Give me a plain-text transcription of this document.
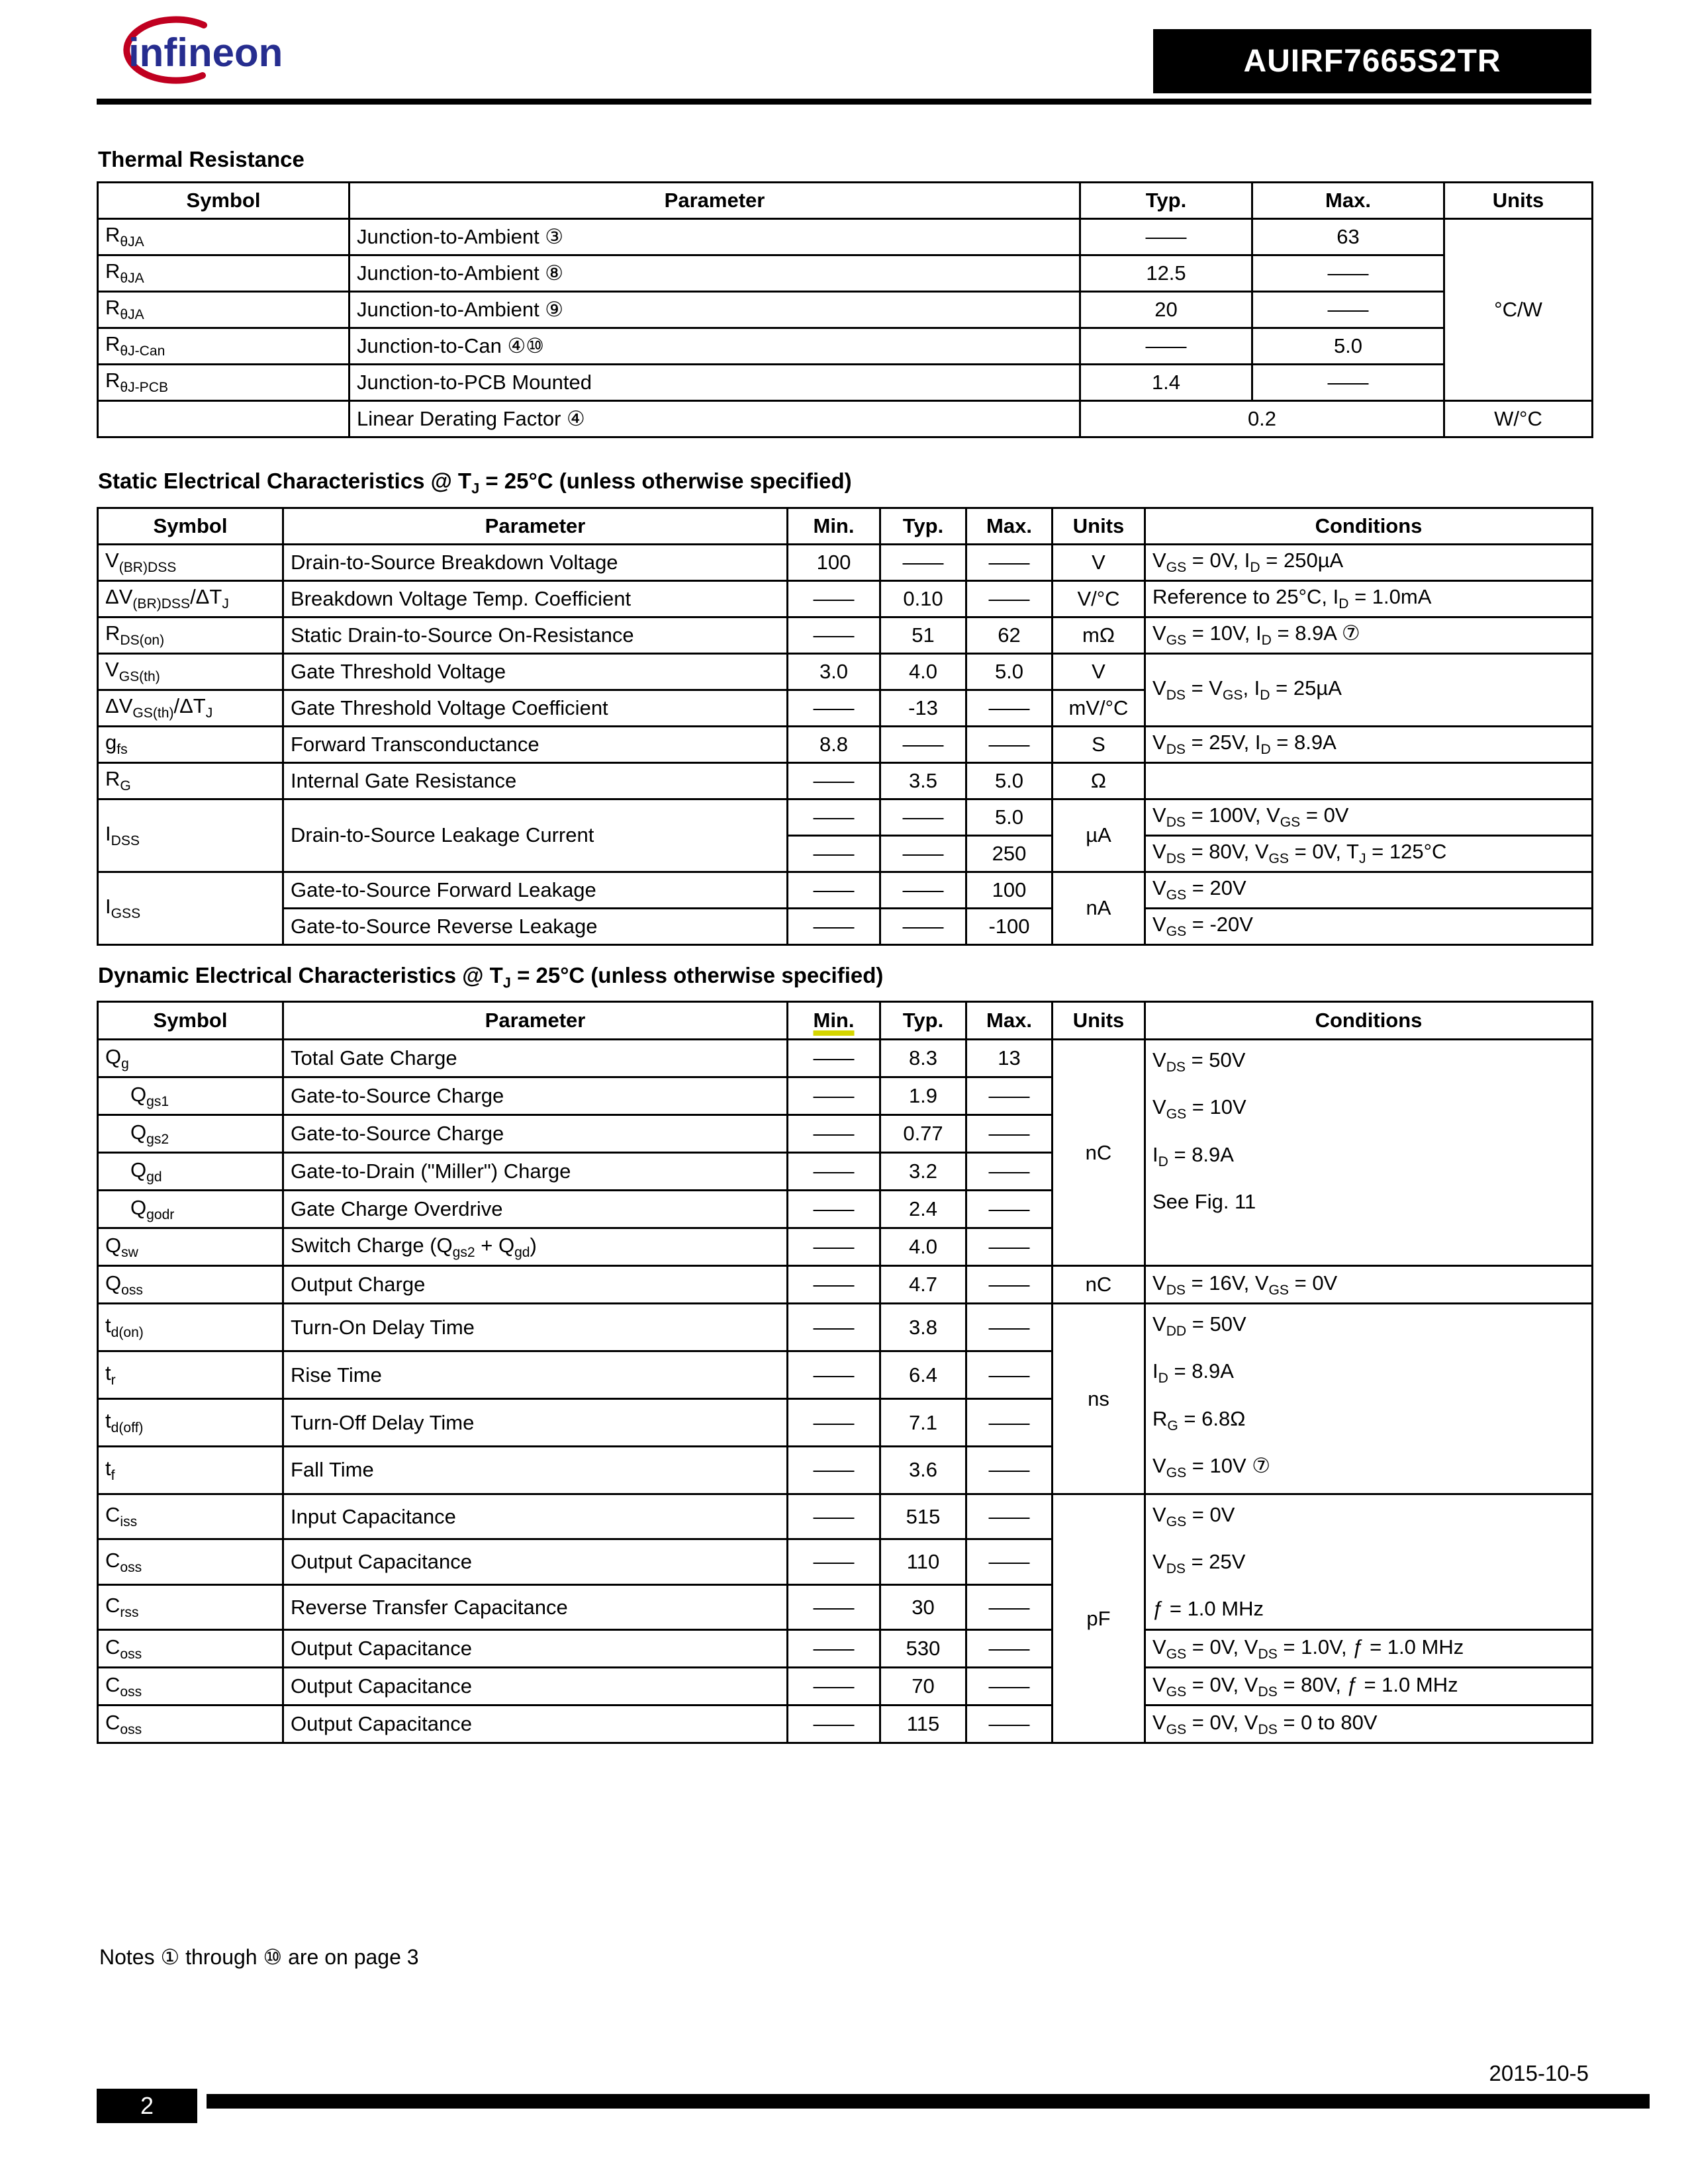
infineon	AUIRF7665S2TR
Thermal Resistance
Symbol	Parameter	Typ.	Max.	Units
$R_{\theta JA}$	Junction-to-Ambient ③	——	63	°C/W
$R_{\theta JA}$	Junction-to-Ambient ⑧	12.5	——	
$R_{\theta JA}$	Junction-to-Ambient ⑨	20	——	
$R_{\theta J-Can}$	Junction-to-Can ④⑩	——	5.0	
$R_{\theta J-PCB}$	Junction-to-PCB Mounted	1.4	——	
	Linear Derating Factor ④	0.2		W/°C
Static Electrical Characteristics @ $T_J = 25^\circ C$ (unless otherwise specified)
Symbol	Parameter	Min.	Typ.	Max.	Units	Conditions
$V_{(BR)DSS}$	Drain-to-Source Breakdown Voltage	100	——	——	V	$V_{GS} = 0V$, $I_D = 250\mu A$
$\Delta V_{(BR)DSS}/\Delta T_J$	Breakdown Voltage Temp. Coefficient	——	0.10	——	V/°C	Reference to 25°C, $I_D = 1.0mA$
$R_{DS(on)}$	Static Drain-to-Source On-Resistance	——	51	62	mΩ	$V_{GS} = 10V$, $I_D = 8.9A$ ⑦
$V_{GS(th)}$	Gate Threshold Voltage	3.0	4.0	5.0	V	$V_{DS} = V_{GS}$, $I_D = 25\mu A$
$\Delta V_{GS(th)}/\Delta T_J$	Gate Threshold Voltage Coefficient	——	-13	——	mV/°C	
$g_{fs}$	Forward Transconductance	8.8	——	——	S	$V_{DS} = 25V$, $I_D = 8.9A$
$R_G$	Internal Gate Resistance	——	3.5	5.0	Ω	
$I_{DSS}$	Drain-to-Source Leakage Current	——	——	5.0	µA	$V_{DS} = 100V$, $V_{GS} = 0V$
		——	——	250		$V_{DS} = 80V$, $V_{GS} = 0V$, $T_J = 125^\circ C$
$I_{GSS}$	Gate-to-Source Forward Leakage	——	——	100	nA	$V_{GS} = 20V$
	Gate-to-Source Reverse Leakage	——	——	-100		$V_{GS} = -20V$
Dynamic Electrical Characteristics @ $T_J = 25^\circ C$ (unless otherwise specified)
Symbol	Parameter	Min.	Typ.	Max.	Units	Conditions
$Q_g$	Total Gate Charge	——	8.3	13	nC	$V_{DS} = 50V$
$V_{GS} = 10V$
$I_D = 8.9A$
See Fig. 11
$Q_{gs1}$	Gate-to-Source Charge	——	1.9	——		
$Q_{gs2}$	Gate-to-Source Charge	——	0.77	——		
$Q_{gd}$	Gate-to-Drain ("Miller") Charge	——	3.2	——		
$Q_{godr}$	Gate Charge Overdrive	——	2.4	——		
$Q_{sw}$	Switch Charge $(Q_{gs2} + Q_{gd})$	——	4.0	——		
$Q_{oss}$	Output Charge	——	4.7	——	nC	$V_{DS} = 16V$, $V_{GS} = 0V$
$t_{d(on)}$	Turn-On Delay Time	——	3.8	——	ns	$V_{DD} = 50V$
$I_D = 8.9A$
$R_G = 6.8\Omega$
$V_{GS} = 10V$ ⑦
$t_r$	Rise Time	——	6.4	——		
$t_{d(off)}$	Turn-Off Delay Time	——	7.1	——		
$t_f$	Fall Time	——	3.6	——		
$C_{iss}$	Input Capacitance	——	515	——	pF	$V_{GS} = 0V$
$V_{DS} = 25V$
ƒ = 1.0 MHz
$C_{oss}$	Output Capacitance	——	110	——		
$C_{rss}$	Reverse Transfer Capacitance	——	30	——		
$C_{oss}$	Output Capacitance	——	530	——		$V_{GS} = 0V$, $V_{DS} = 1.0V$, ƒ = 1.0 MHz
$C_{oss}$	Output Capacitance	——	70	——		$V_{GS} = 0V$, $V_{DS} = 80V$, ƒ = 1.0 MHz
$C_{oss}$	Output Capacitance	——	115	——		$V_{GS} = 0V$, $V_{DS} = 0$ to 80V
Notes ① through ⑩ are on page 3
2015-10-5
2
